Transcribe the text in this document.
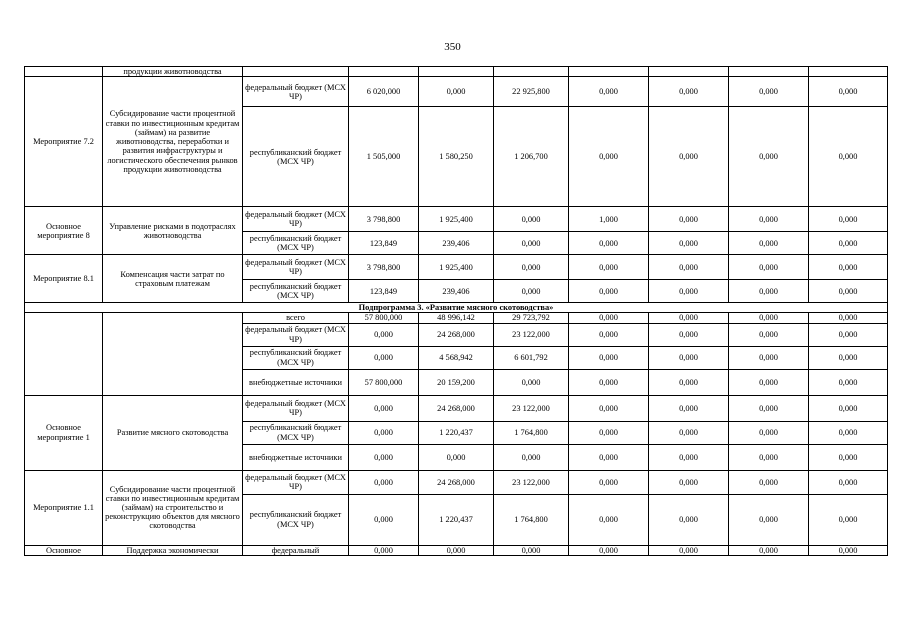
350
	продукции животноводства								
Мероприятие 7.2	Субсидирование части процентной ставки по инвестиционным кредитам (займам) на развитие животноводства, переработки и развития инфраструктуры и логистического обеспечения рынков продукции животноводства	федеральный бюджет (МСХ ЧР)	6 020,000	0,000	22 925,800	0,000	0,000	0,000	0,000
		республиканский бюджет (МСХ ЧР)	1 505,000	1 580,250	1 206,700	0,000	0,000	0,000	0,000
Основное мероприятие 8	Управление рисками в подотраслях животноводства	федеральный бюджет (МСХ ЧР)	3 798,800	1 925,400	0,000	1,000	0,000	0,000	0,000
		республиканский бюджет (МСХ ЧР)	123,849	239,406	0,000	0,000	0,000	0,000	0,000
Мероприятие 8.1	Компенсация части затрат по страховым платежам	федеральный бюджет (МСХ ЧР)	3 798,800	1 925,400	0,000	0,000	0,000	0,000	0,000
		республиканский бюджет (МСХ ЧР)	123,849	239,406	0,000	0,000	0,000	0,000	0,000
Подпрограмма 3. «Развитие мясного скотоводства»									
		всего	57 800,000	48 996,142	29 723,792	0,000	0,000	0,000	0,000
		федеральный бюджет (МСХ ЧР)	0,000	24 268,000	23 122,000	0,000	0,000	0,000	0,000
		республиканский бюджет (МСХ ЧР)	0,000	4 568,942	6 601,792	0,000	0,000	0,000	0,000
		внебюджетные источники	57 800,000	20 159,200	0,000	0,000	0,000	0,000	0,000
Основное мероприятие 1	Развитие мясного скотоводства	федеральный бюджет (МСХ ЧР)	0,000	24 268,000	23 122,000	0,000	0,000	0,000	0,000
		республиканский бюджет (МСХ ЧР)	0,000	1 220,437	1 764,800	0,000	0,000	0,000	0,000
		внебюджетные источники	0,000	0,000	0,000	0,000	0,000	0,000	0,000
Мероприятие 1.1	Субсидирование части процентной ставки по инвестиционным кредитам (займам) на строительство и реконструкцию объектов для мясного скотоводства	федеральный бюджет (МСХ ЧР)	0,000	24 268,000	23 122,000	0,000	0,000	0,000	0,000
		республиканский бюджет (МСХ ЧР)	0,000	1 220,437	1 764,800	0,000	0,000	0,000	0,000
Основное	Поддержка экономически	федеральный	0,000	0,000	0,000	0,000	0,000	0,000	0,000
